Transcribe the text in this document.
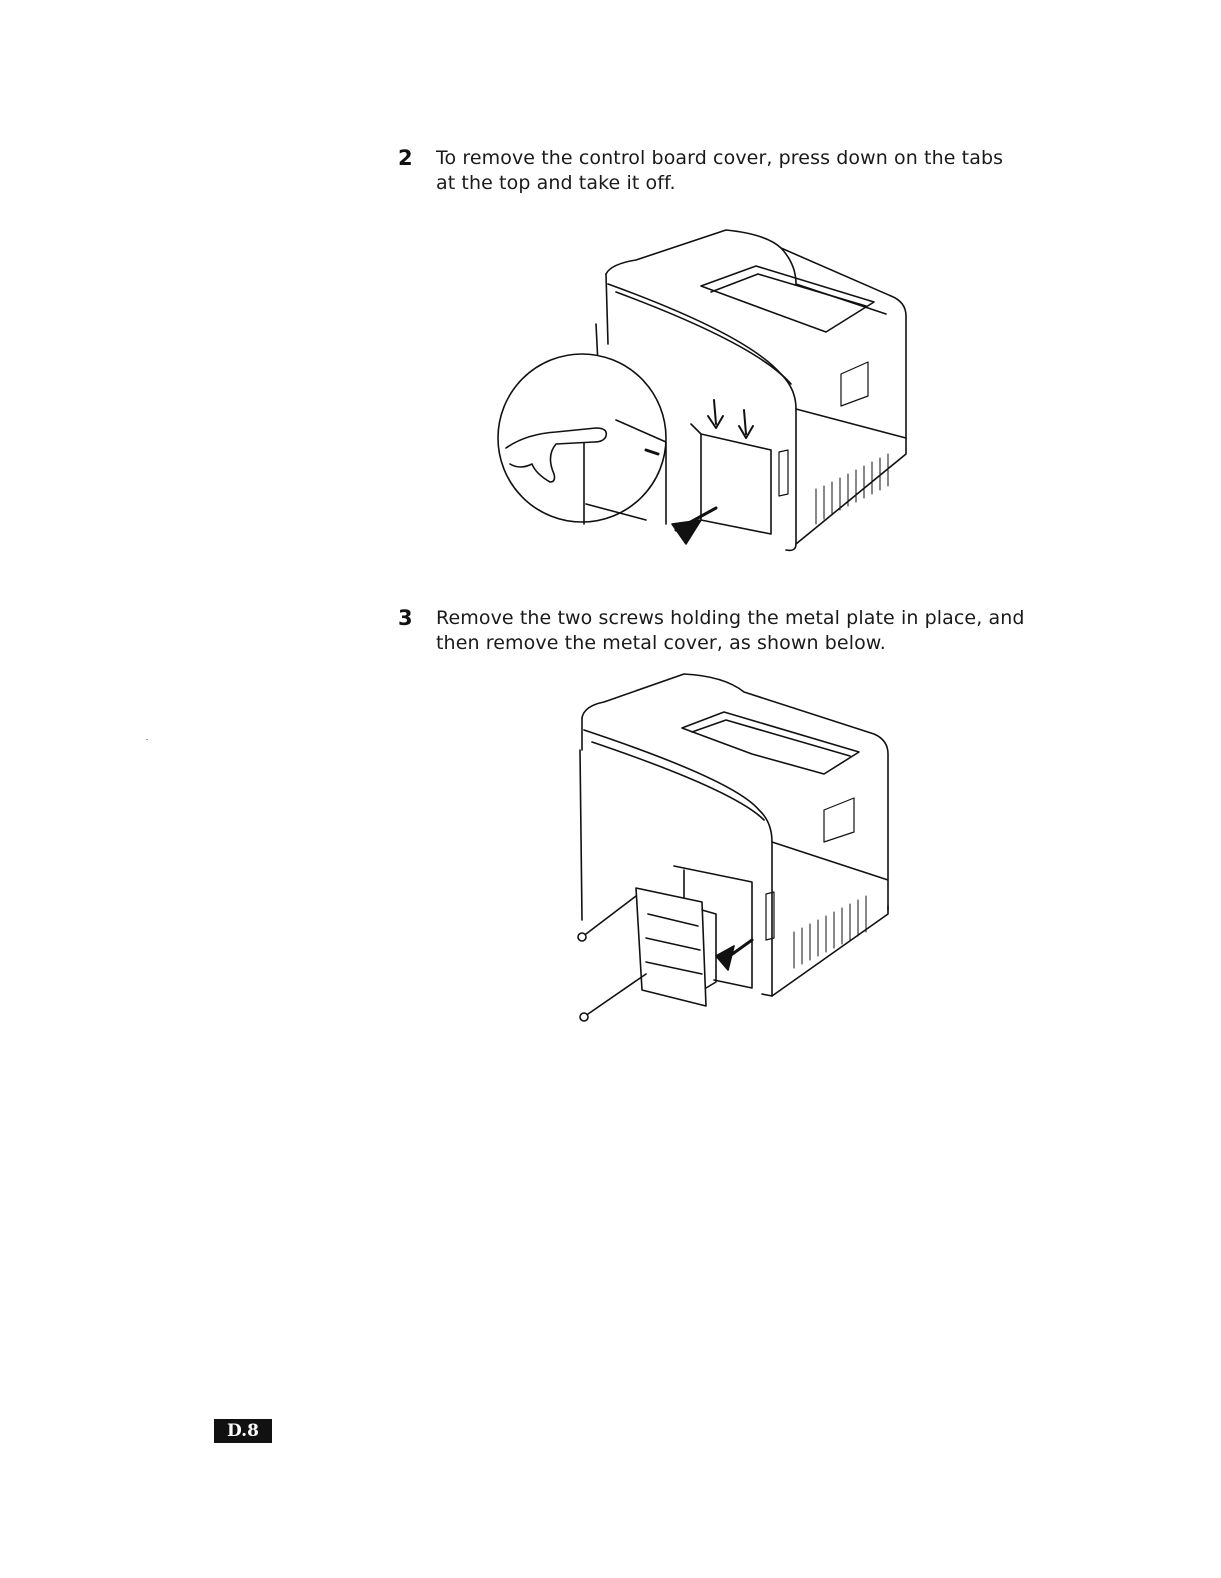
2 To remove the control board cover, press down on the tabs at the top and take it off.
3 Remove the two screws holding the metal plate in place, and then remove the metal cover, as shown below.
D.8
